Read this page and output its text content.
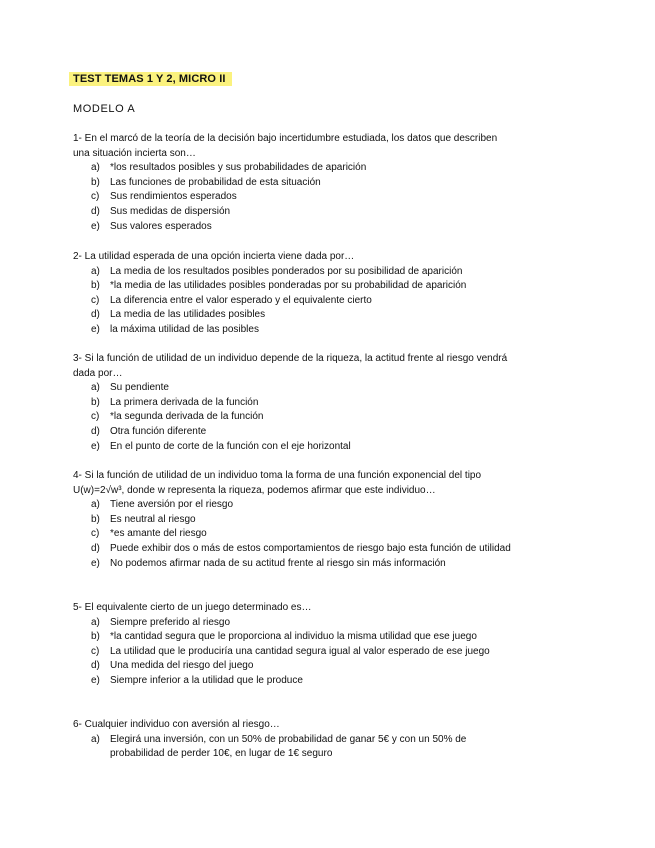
TEST TEMAS 1 Y 2, MICRO II
MODELO A

1- En el marcó de la teoría de la decisión bajo incertidumbre estudiada, los datos que describen una situación incierta son…

a) *los resultados posibles y sus probabilidades de aparición
b) Las funciones de probabilidad de esta situación
c) Sus rendimientos esperados
d) Sus medidas de dispersión
e) Sus valores esperados

2- La utilidad esperada de una opción incierta viene dada por…

a) La media de los resultados posibles ponderados por su posibilidad de aparición
b) *la media de las utilidades posibles ponderadas por su probabilidad de aparición
c) La diferencia entre el valor esperado y el equivalente cierto
d) La media de las utilidades posibles
e) la máxima utilidad de las posibles

3- Si la función de utilidad de un individuo depende de la riqueza, la actitud frente al riesgo vendrá dada por…

a) Su pendiente
b) La primera derivada de la función
c) *la segunda derivada de la función
d) Otra función diferente
e) En el punto de corte de la función con el eje horizontal

4- Si la función de utilidad de un individuo toma la forma de una función exponencial del tipo U(w)=2√w³, donde w representa la riqueza, podemos afirmar que este individuo…

a) Tiene aversión por el riesgo
b) Es neutral al riesgo
c) *es amante del riesgo
d) Puede exhibir dos o más de estos comportamientos de riesgo bajo esta función de utilidad
e) No podemos afirmar nada de su actitud frente al riesgo sin más información

5- El equivalente cierto de un juego determinado es…

a) Siempre preferido al riesgo
b) *la cantidad segura que le proporciona al individuo la misma utilidad que ese juego
c) La utilidad que le produciría una cantidad segura igual al valor esperado de ese juego
d) Una medida del riesgo del juego
e) Siempre inferior a la utilidad que le produce

6- Cualquier individuo con aversión al riesgo…

a) Elegirá una inversión, con un 50% de probabilidad de ganar 5€ y con un 50% de probabilidad de perder 10€, en lugar de 1€ seguro
